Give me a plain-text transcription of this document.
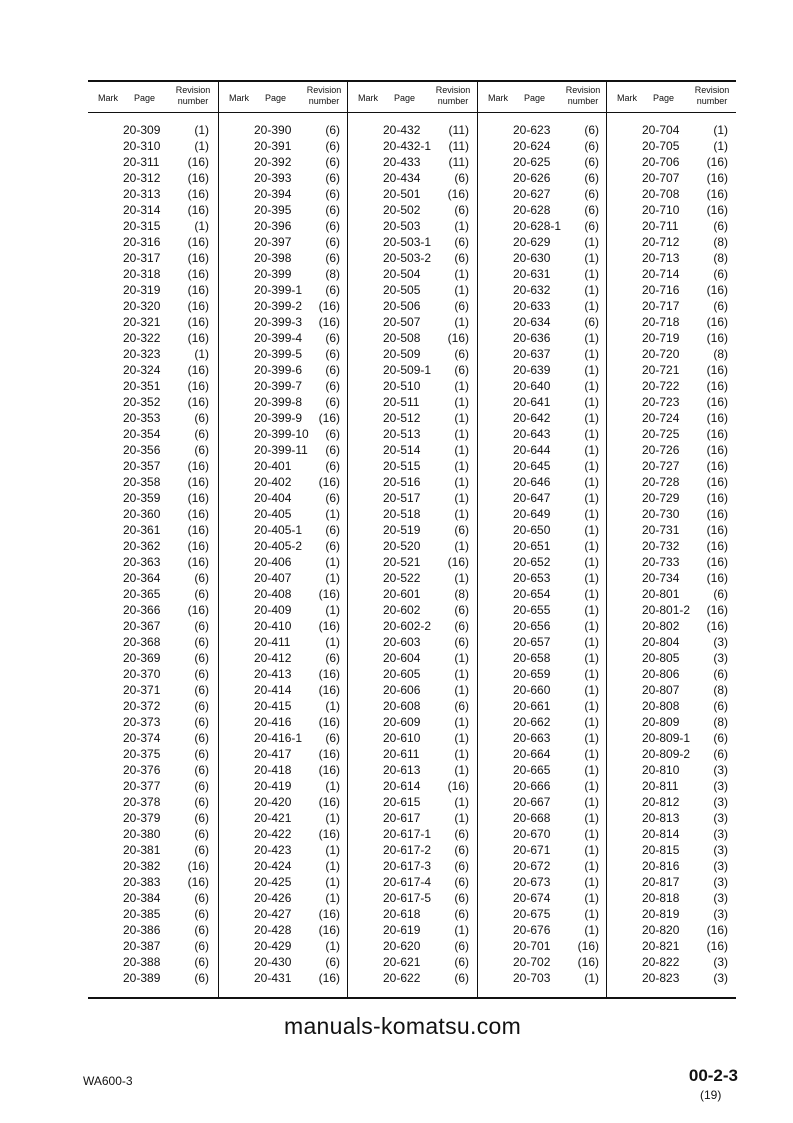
Mark Page
Revision number
20-309	(1)
20-310	(1)
20-311 (16)
20-312 (16)
20-313 (16)
20-314 (16)
20-315	(1)
20-316 (16)
20-317 (16)
20-318 (16)
20-319 (16)
20-320 (16)
20-321 (16)
20-322 (16)
20-323	(1)
20-324 (16)
20-351 (16)
20-352 (16)
20-353	(6)
20-354	(6)
20-356	(6)
20-357 (16)
20-358 (16)
20-359 (16)
20-360 (16)
20-361 (16)
20-362 (16)
20-363 (16)
20-364	(6)
20-365	(6)
20-366 (16)
20-367	(6)
20-368	(6)
20-369	(6)
20-370	(6)
20-371	(6)
20-372	(6)
20-373	(6)
20-374	(6)
20-375	(6)
20-376	(6)
20-377	(6)
20-378	(6)
20-379	(6)
20-380	(6)
20-381	(6)
20-382 (16)
20-383 (16)
20-384	(6)
20-385	(6)
20-386	(6)
20-387	(6)
20-388	(6)
20-389	(6)
Mark Page
Revision number
20-390	(6)
20-391	(6)
20-392	(6)
20-393	(6)
20-394	(6)
20-395	(6)
20-396	(6)
20-397	(6)
20-398	(6)
20-399	(8)
20-399-1 (6)
20-399-2 (16)
20-399-3 (16)
20-399-4 (6)
20-399-5 (6)
20-399-6 (6)
20-399-7 (6)
20-399-8 (6)
20-399-9 (16)
20-399-10 (6)
20-399-11 (6)
20-401	(6)
20-402 (16)
20-404	(6)
20-405	(1)
20-405-1 (6)
20-405-2 (6)
20-406	(1)
20-407	(1)
20-408 (16)
20-409	(1)
20-410 (16)
20-411	(1)
20-412	(6)
20-413 (16)
20-414 (16)
20-415	(1)
20-416 (16)
20-416-1 (6)
20-417 (16)
20-418 (16)
20-419	(1)
20-420 (16)
20-421	(1)
20-422 (16)
20-423	(1)
20-424	(1)
20-425	(1)
20-426	(1)
20-427 (16)
20-428 (16)
20-429	(1)
20-430	(6)
20-431 (16)
Mark Page
Revision number
20-432 (11)
20-432-1 (11)
20-433 (11)
20-434	(6)
20-501 (16)
20-502	(6)
20-503	(1)
20-503-1 (6)
20-503-2 (6)
20-504	(1)
20-505	(1)
20-506	(6)
20-507	(1)
20-508 (16)
20-509	(6)
20-509-1 (6)
20-510	(1)
20-511	(1)
20-512	(1)
20-513	(1)
20-514	(1)
20-515	(1)
20-516	(1)
20-517	(1)
20-518	(1)
20-519	(6)
20-520	(1)
20-521 (16)
20-522	(1)
20-601	(8)
20-602	(6)
20-602-2 (6)
20-603	(6)
20-604	(1)
20-605	(1)
20-606	(1)
20-608	(6)
20-609	(1)
20-610	(1)
20-611	(1)
20-613	(1)
20-614 (16)
20-615	(1)
20-617	(1)
20-617-1 (6)
20-617-2 (6)
20-617-3 (6)
20-617-4 (6)
20-617-5 (6)
20-618	(6)
20-619	(1)
20-620	(6)
20-621	(6)
20-622	(6)
Mark Page
Revision number
20-623	(6)
20-624	(6)
20-625	(6)
20-626	(6)
20-627	(6)
20-628	(6)
20-628-1 (6)
20-629	(1)
20-630	(1)
20-631	(1)
20-632	(1)
20-633	(1)
20-634	(6)
20-636	(1)
20-637	(1)
20-639	(1)
20-640	(1)
20-641	(1)
20-642	(1)
20-643	(1)
20-644	(1)
20-645	(1)
20-646	(1)
20-647	(1)
20-649	(1)
20-650	(1)
20-651	(1)
20-652	(1)
20-653	(1)
20-654	(1)
20-655	(1)
20-656	(1)
20-657	(1)
20-658	(1)
20-659	(1)
20-660	(1)
20-661	(1)
20-662	(1)
20-663	(1)
20-664	(1)
20-665	(1)
20-666	(1)
20-667	(1)
20-668	(1)
20-670	(1)
20-671	(1)
20-672	(1)
20-673	(1)
20-674	(1)
20-675	(1)
20-676	(1)
20-701 (16)
20-702 (16)
20-703	(1)
Mark Page
Revision number
20-704	(1)
20-705	(1)
20-706 (16)
20-707 (16)
20-708 (16)
20-710 (16)
20-711	(6)
20-712	(8)
20-713	(8)
20-714	(6)
20-716 (16)
20-717	(6)
20-718 (16)
20-719 (16)
20-720	(8)
20-721 (16)
20-722 (16)
20-723 (16)
20-724 (16)
20-725 (16)
20-726 (16)
20-727 (16)
20-728 (16)
20-729 (16)
20-730 (16)
20-731 (16)
20-732 (16)
20-733 (16)
20-734 (16)
20-801	(6)
20-801-2 (16)
20-802 (16)
20-804	(3)
20-805	(3)
20-806	(6)
20-807	(8)
20-808	(6)
20-809	(8)
20-809-1 (6)
20-809-2 (6)
20-810	(3)
20-811	(3)
20-812	(3)
20-813	(3)
20-814	(3)
20-815	(3)
20-816	(3)
20-817	(3)
20-818	(3)
20-819	(3)
20-820 (16)
20-821 (16)
20-822	(3)
20-823	(3)
manuals-komatsu.com
WA600-3	00-2-3
(19)
